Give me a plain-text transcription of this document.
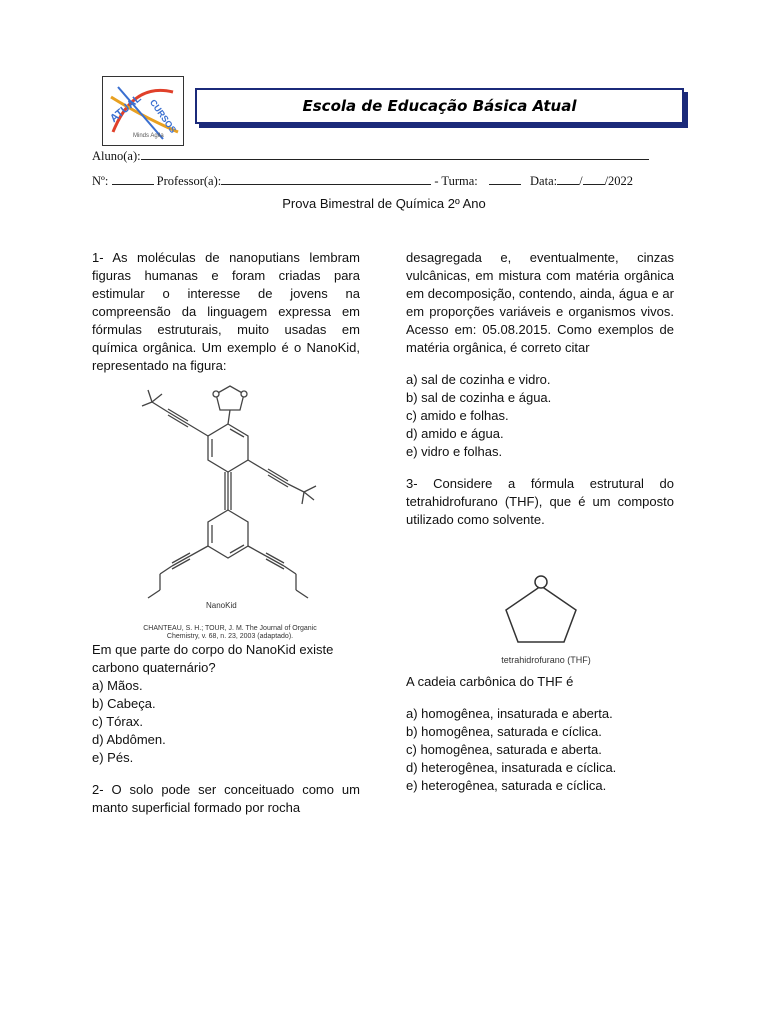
ATUAL CURSOS
Minds Agila
Escola de Educação Básica Atual
Aluno(a):
Nº:	Professor(a):	- Turma:	Data: / /2022
Prova Bimestral de Química 2º Ano

1- As moléculas de nanoputians lembram figuras humanas e foram criadas para estimular o interesse de jovens na compreensão da linguagem expressa em fórmulas estruturais, muito usadas em química orgânica. Um exemplo é o NanoKid, representado na figura:

NanoKid
CHANTEAU, S. H.; TOUR, J. M. The Journal of Organic
Chemistry, v. 68, n. 23, 2003 (adaptado).

Em que parte do corpo do NanoKid existe carbono quaternário?

a) Mãos.
b) Cabeça.
c) Tórax.
d) Abdômen.
e) Pés.

2- O solo pode ser conceituado como um manto superficial formado por rocha

desagregada e, eventualmente, cinzas vulcânicas, em mistura com matéria orgânica em decomposição, contendo, ainda, água e ar em proporções variáveis e organismos vivos. Acesso em: 05.08.2015. Como exemplos de matéria orgânica, é correto citar

a) sal de cozinha e vidro.
b) sal de cozinha e água.
c) amido e folhas.
d) amido e água.
e) vidro e folhas.

3- Considere a fórmula estrutural do tetrahidrofurano (THF), que é um composto utilizado como solvente.

tetrahidrofurano (THF)

A cadeia carbônica do THF é

a) homogênea, insaturada e aberta.
b) homogênea, saturada e cíclica.
c) homogênea, saturada e aberta.
d) heterogênea, insaturada e cíclica.
e) heterogênea, saturada e cíclica.
